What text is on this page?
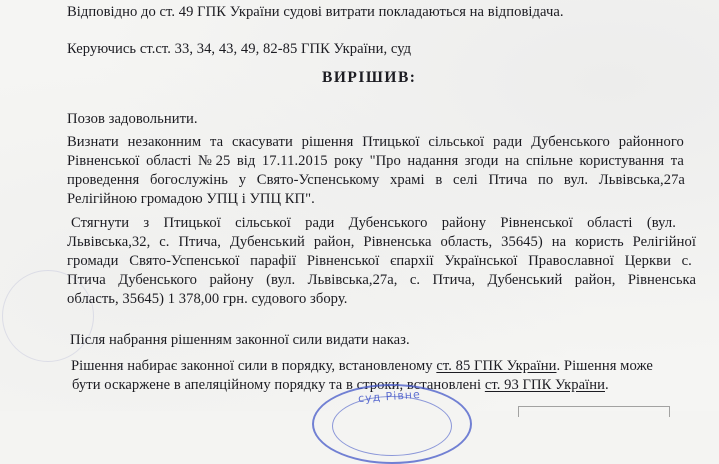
Відповідно до ст. 49 ГПК України судові витрати покладаються на відповідача.
Керуючись ст.ст. 33, 34, 43, 49, 82-85 ГПК України, суд
ВИРІШИВ:
Позов задовольнити.
Визнати незаконним та скасувати рішення Птицької сільської ради Дубенського районного
Рівненської області № 25 від 17.11.2015 року "Про надання згоди на спільне користування та
проведення богослужінь у Свято-Успенському храмі в селі Птича по вул. Львівська,27а
Релігійною громадою УПЦ і УПЦ КП".
Стягнути з Птицької сільської ради Дубенського району Рівненської області (вул.
Львівська,32, с. Птича, Дубенський район, Рівненська область, 35645) на користь Релігійної
громади Свято-Успенської парафії Рівненської єпархії Української Православної Церкви с.
Птича Дубенського району (вул. Львівська,27а, с. Птича, Дубенський район, Рівненська
область, 35645) 1 378,00 грн. судового збору.
Після набрання рішенням законної сили видати наказ.
Рішення набирає законної сили в порядку, встановленому ст. 85 ГПК України. Рішення може
бути оскаржене в апеляційному порядку та в строки, встановлені ст. 93 ГПК України.
суд Рівне
